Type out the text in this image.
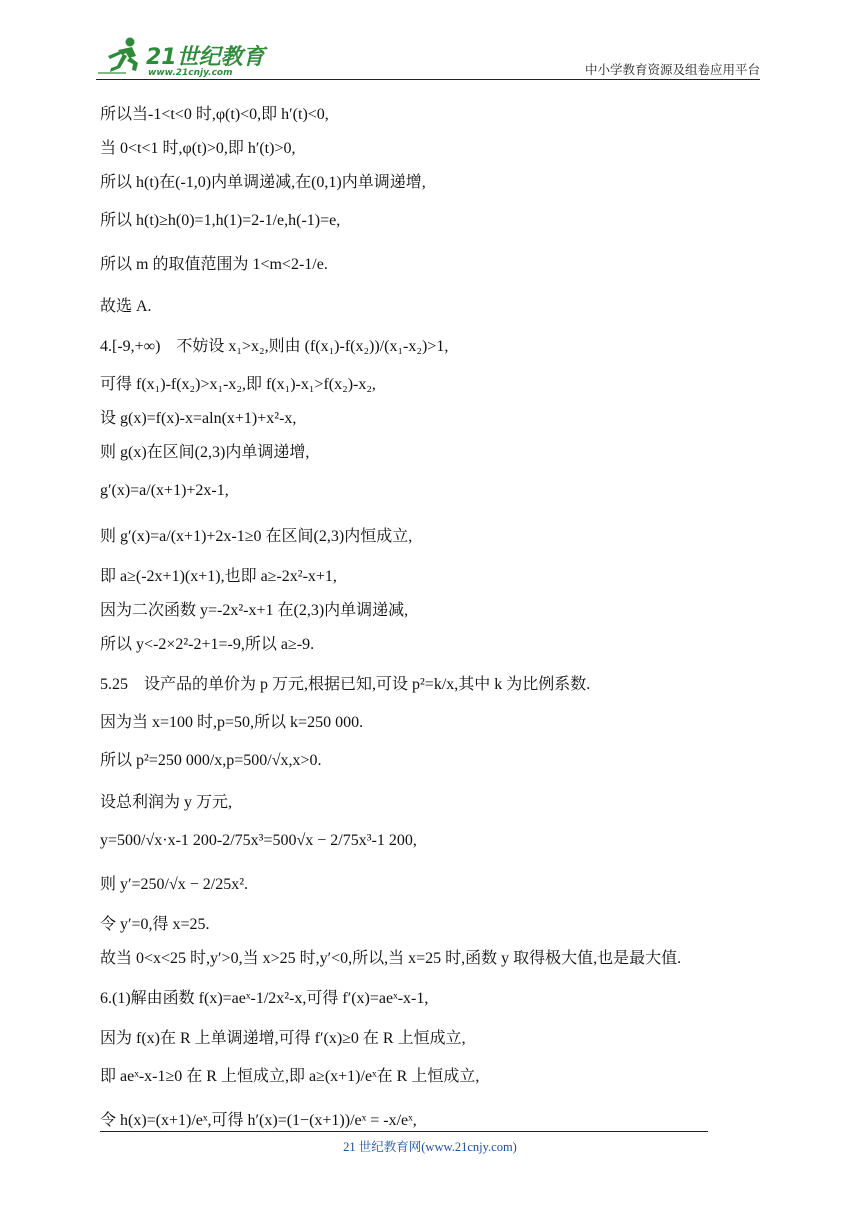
21世纪教育
www.21cnjy.com	中小学教育资源及组卷应用平台
所以当-1<t<0 时,φ(t)<0,即 h′(t)<0,
当 0<t<1 时,φ(t)>0,即 h′(t)>0,
所以 h(t)在(-1,0)内单调递减,在(0,1)内单调递增,
所以 h(t)≥h(0)=1,h(1)=2-1/e,h(-1)=e,
所以 m 的取值范围为 1<m<2-1/e.
故选 A.
4.[-9,+∞)    不妨设 x₁>x₂,则由 (f(x₁)-f(x₂))/(x₁-x₂)>1,
可得 f(x₁)-f(x₂)>x₁-x₂,即 f(x₁)-x₁>f(x₂)-x₂,
设 g(x)=f(x)-x=aln(x+1)+x²-x,
则 g(x)在区间(2,3)内单调递增,
g′(x)=a/(x+1)+2x-1,
则 g′(x)=a/(x+1)+2x-1≥0 在区间(2,3)内恒成立,
即 a≥(-2x+1)(x+1),也即 a≥-2x²-x+1,
因为二次函数 y=-2x²-x+1 在(2,3)内单调递减,
所以 y<-2×2²-2+1=-9,所以 a≥-9.
5.25    设产品的单价为 p 万元,根据已知,可设 p²=k/x,其中 k 为比例系数.
因为当 x=100 时,p=50,所以 k=250 000.
所以 p²=250 000/x,p=500/√x,x>0.
设总利润为 y 万元,
y=500/√x·x-1 200-2/75x³=500√x − 2/75x³-1 200,
则 y′=250/√x − 2/25x².
令 y′=0,得 x=25.
故当 0<x<25 时,y′>0,当 x>25 时,y′<0,所以,当 x=25 时,函数 y 取得极大值,也是最大值.
6.(1)解由函数 f(x)=aeˣ-1/2x²-x,可得 f′(x)=aeˣ-x-1,
因为 f(x)在 R 上单调递增,可得 f′(x)≥0 在 R 上恒成立,
即 aeˣ-x-1≥0 在 R 上恒成立,即 a≥(x+1)/eˣ在 R 上恒成立,
令 h(x)=(x+1)/eˣ,可得 h′(x)=(1−(x+1))/eˣ = -x/eˣ,
21 世纪教育网(www.21cnjy.com)
